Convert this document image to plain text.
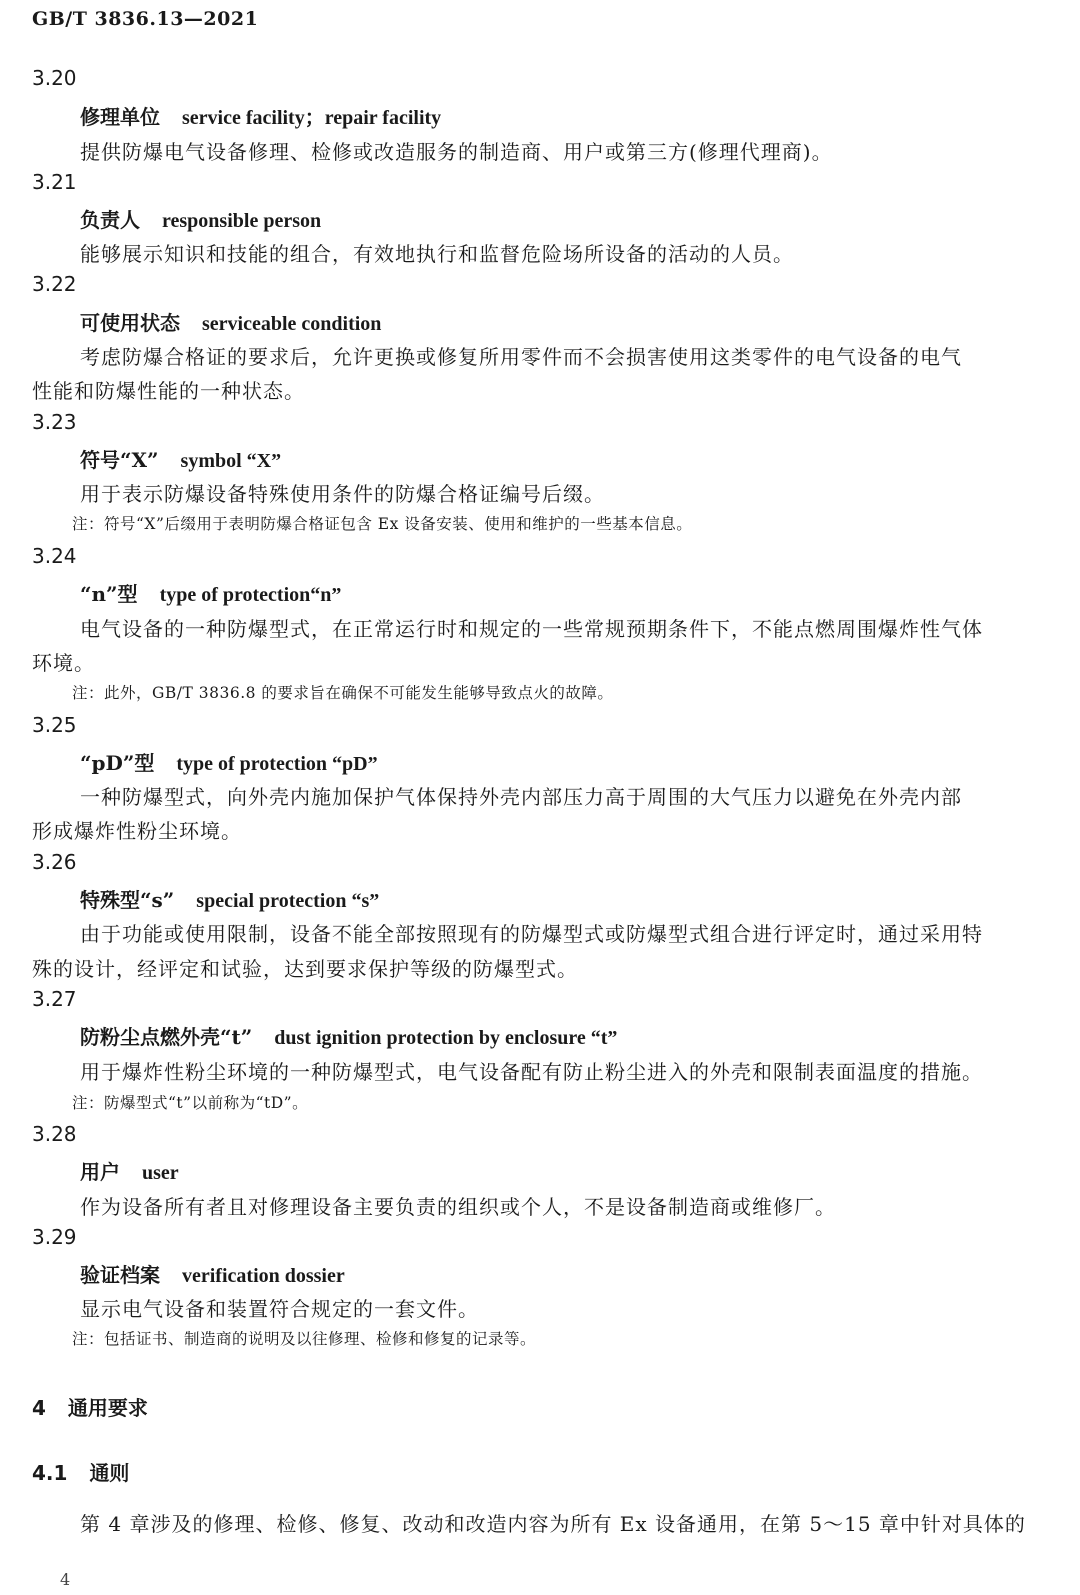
GB/T 3836.13—2021
3.20
修理单位 service facility；repair facility
提供防爆电气设备修理、检修或改造服务的制造商、用户或第三方(修理代理商)。
3.21
负责人 responsible person
能够展示知识和技能的组合，有效地执行和监督危险场所设备的活动的人员。
3.22
可使用状态 serviceable condition
考虑防爆合格证的要求后，允许更换或修复所用零件而不会损害使用这类零件的电气设备的电气
性能和防爆性能的一种状态。
3.23
符号“X” symbol “X”
用于表示防爆设备特殊使用条件的防爆合格证编号后缀。
注：符号“X”后缀用于表明防爆合格证包含 Ex 设备安装、使用和维护的一些基本信息。
3.24
“n”型 type of protection“n”
电气设备的一种防爆型式，在正常运行时和规定的一些常规预期条件下，不能点燃周围爆炸性气体
环境。
注：此外，GB/T 3836.8 的要求旨在确保不可能发生能够导致点火的故障。
3.25
“pD”型 type of protection “pD”
一种防爆型式，向外壳内施加保护气体保持外壳内部压力高于周围的大气压力以避免在外壳内部
形成爆炸性粉尘环境。
3.26
特殊型“s” special protection “s”
由于功能或使用限制，设备不能全部按照现有的防爆型式或防爆型式组合进行评定时，通过采用特
殊的设计，经评定和试验，达到要求保护等级的防爆型式。
3.27
防粉尘点燃外壳“t” dust ignition protection by enclosure “t”
用于爆炸性粉尘环境的一种防爆型式，电气设备配有防止粉尘进入的外壳和限制表面温度的措施。
注：防爆型式“t”以前称为“tD”。
3.28
用户 user
作为设备所有者且对修理设备主要负责的组织或个人，不是设备制造商或维修厂。
3.29
验证档案 verification dossier
显示电气设备和装置符合规定的一套文件。
注：包括证书、制造商的说明及以往修理、检修和修复的记录等。
4 通用要求
4.1 通则
第 4 章涉及的修理、检修、修复、改动和改造内容为所有 Ex 设备通用，在第 5～15 章中针对具体的
4
